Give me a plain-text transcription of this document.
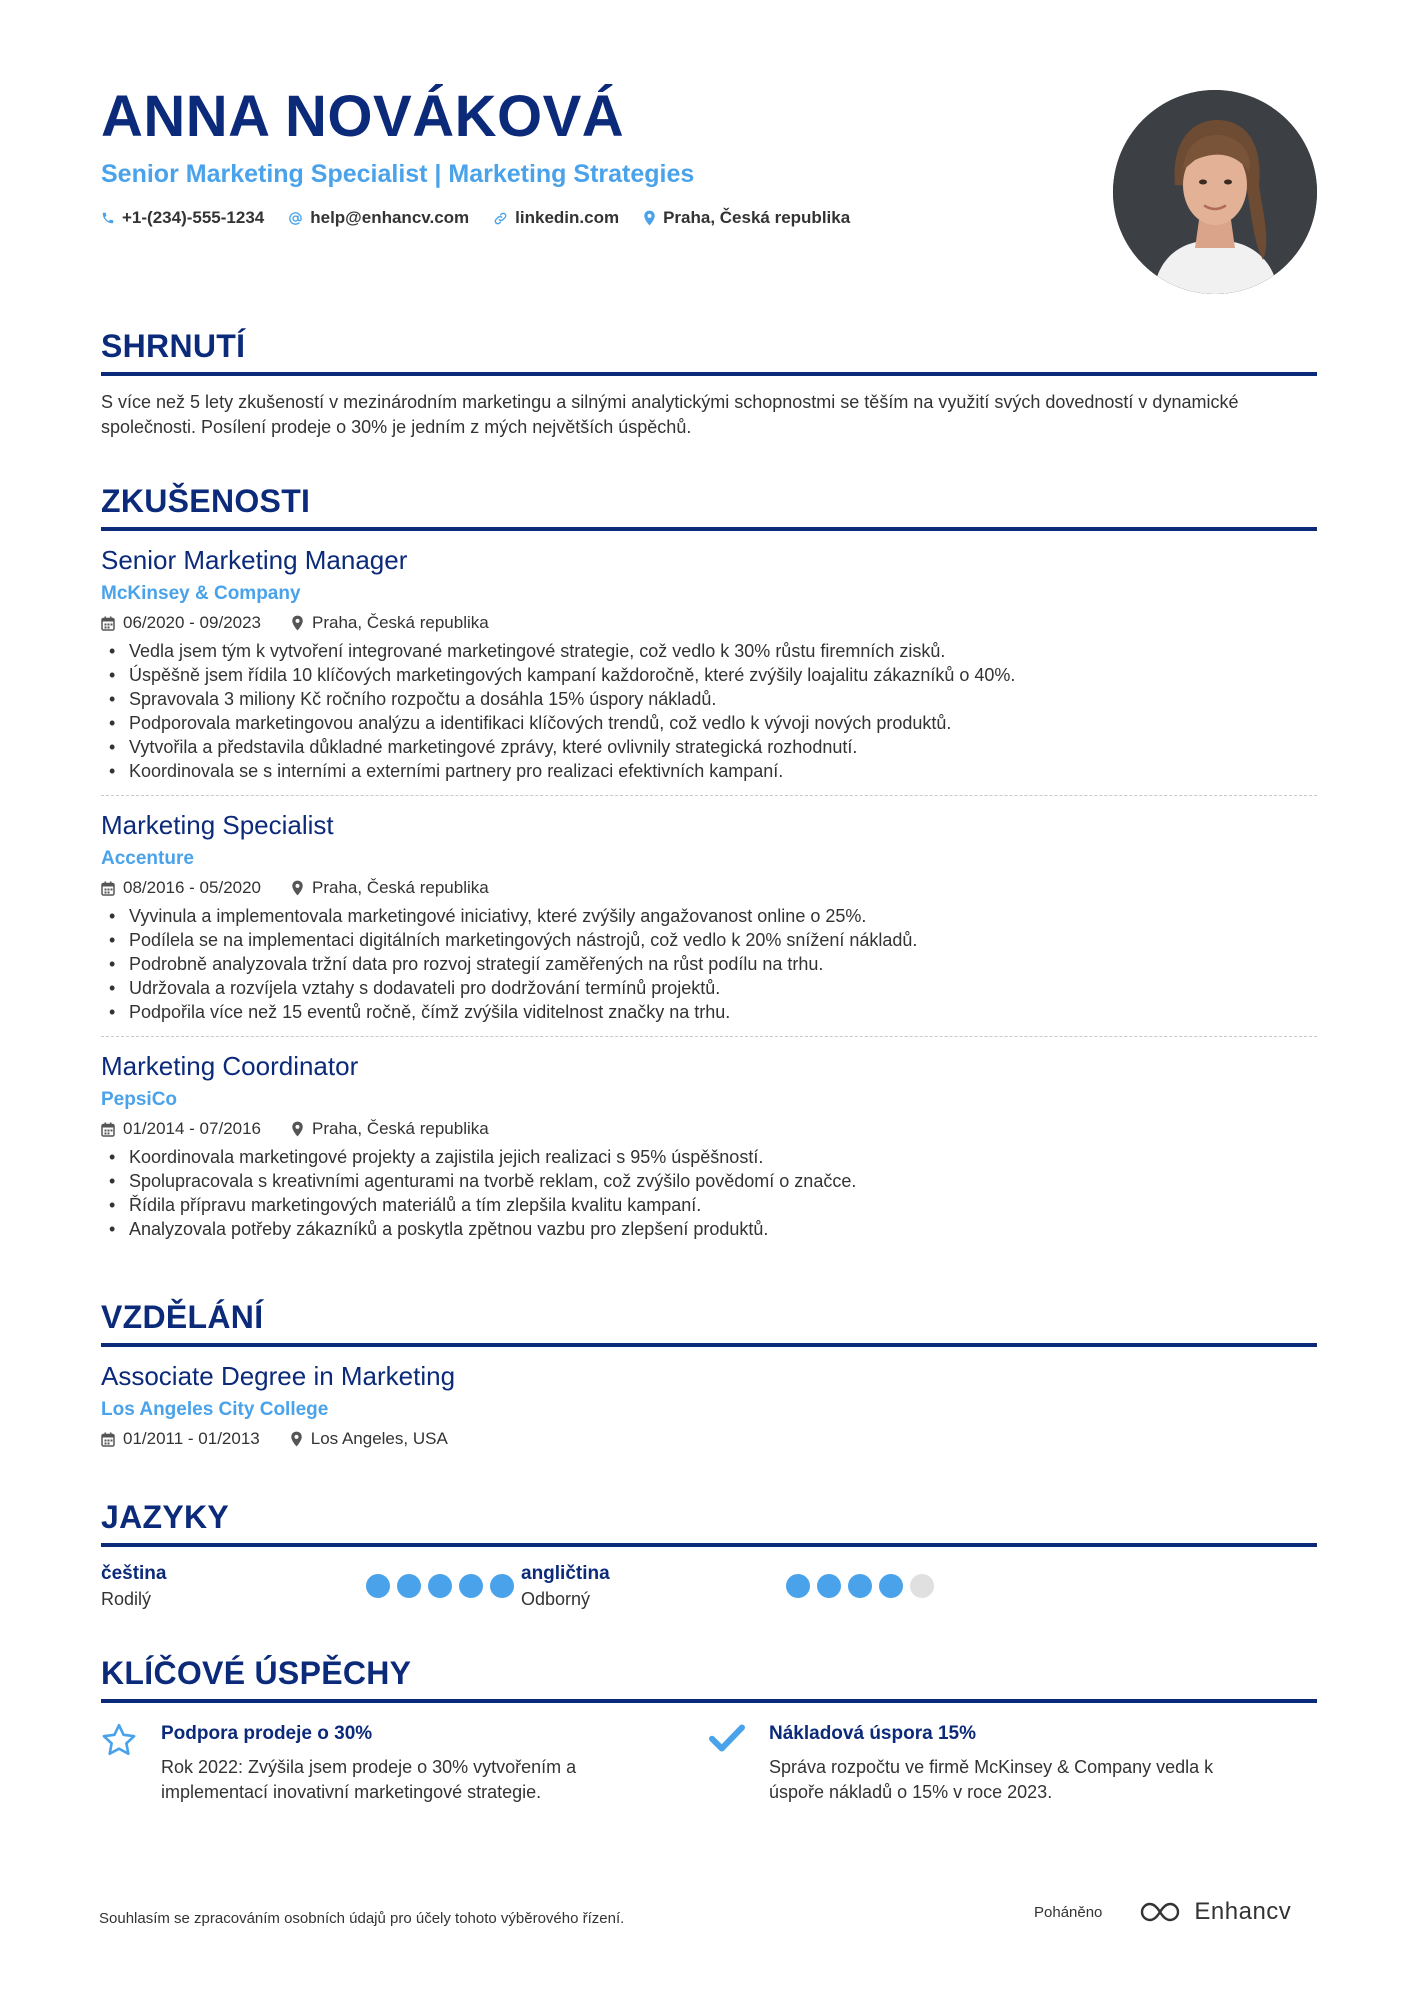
ANNA NOVÁKOVÁ
Senior Marketing Specialist | Marketing Strategies
+1-(234)-555-1234	help@enhancv.com	linkedin.com	Praha, Česká republika
SHRNUTÍ
S více než 5 lety zkušeností v mezinárodním marketingu a silnými analytickými schopnostmi se těším na využití svých dovedností v dynamické společnosti. Posílení prodeje o 30% je jedním z mých největších úspěchů.
ZKUŠENOSTI
Senior Marketing Manager
McKinsey & Company
06/2020 - 09/2023	Praha, Česká republika
• Vedla jsem tým k vytvoření integrované marketingové strategie, což vedlo k 30% růstu firemních zisků.
• Úspěšně jsem řídila 10 klíčových marketingových kampaní každoročně, které zvýšily loajalitu zákazníků o 40%.
• Spravovala 3 miliony Kč ročního rozpočtu a dosáhla 15% úspory nákladů.
• Podporovala marketingovou analýzu a identifikaci klíčových trendů, což vedlo k vývoji nových produktů.
• Vytvořila a představila důkladné marketingové zprávy, které ovlivnily strategická rozhodnutí.
• Koordinovala se s interními a externími partnery pro realizaci efektivních kampaní.
Marketing Specialist
Accenture
08/2016 - 05/2020	Praha, Česká republika
• Vyvinula a implementovala marketingové iniciativy, které zvýšily angažovanost online o 25%.
• Podílela se na implementaci digitálních marketingových nástrojů, což vedlo k 20% snížení nákladů.
• Podrobně analyzovala tržní data pro rozvoj strategií zaměřených na růst podílu na trhu.
• Udržovala a rozvíjela vztahy s dodavateli pro dodržování termínů projektů.
• Podpořila více než 15 eventů ročně, čímž zvýšila viditelnost značky na trhu.
Marketing Coordinator
PepsiCo
01/2014 - 07/2016	Praha, Česká republika
• Koordinovala marketingové projekty a zajistila jejich realizaci s 95% úspěšností.
• Spolupracovala s kreativními agenturami na tvorbě reklam, což zvýšilo povědomí o značce.
• Řídila přípravu marketingových materiálů a tím zlepšila kvalitu kampaní.
• Analyzovala potřeby zákazníků a poskytla zpětnou vazbu pro zlepšení produktů.
VZDĚLÁNÍ
Associate Degree in Marketing
Los Angeles City College
01/2011 - 01/2013	Los Angeles, USA
JAZYKY
čeština
Rodilý
angličtina
Odborný
KLÍČOVÉ ÚSPĚCHY
Podpora prodeje o 30%
Rok 2022: Zvýšila jsem prodeje o 30% vytvořením a implementací inovativní marketingové strategie.
Nákladová úspora 15%
Správa rozpočtu ve firmě McKinsey & Company vedla k úspoře nákladů o 15% v roce 2023.
Souhlasím se zpracováním osobních údajů pro účely tohoto výběrového řízení.	Poháněno	Enhancv
